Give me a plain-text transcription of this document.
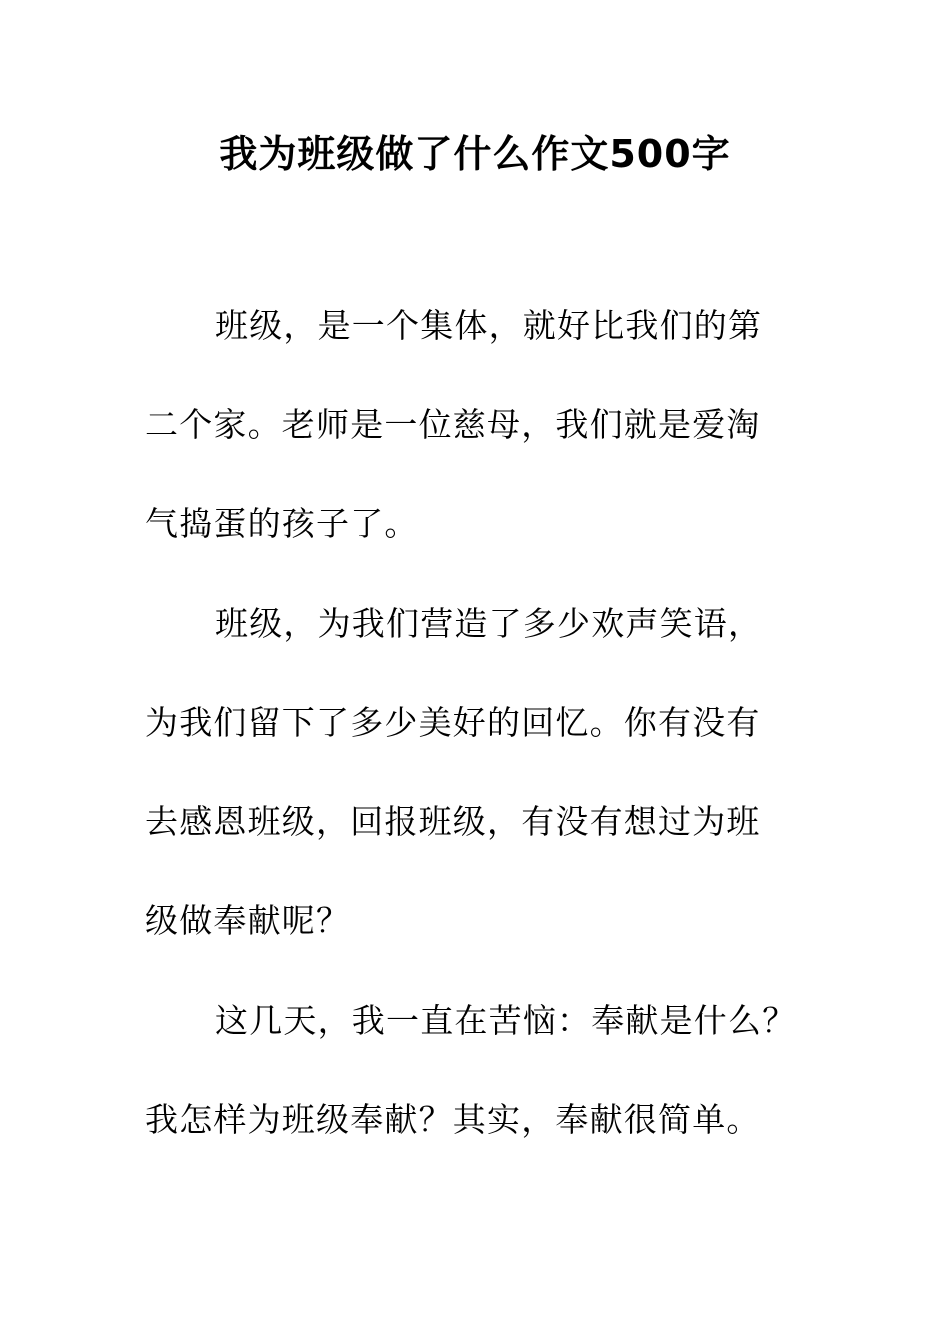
我为班级做了什么作文500字
班级，是一个集体，就好比我们的第
二个家。老师是一位慈母，我们就是爱淘
气捣蛋的孩子了。
班级，为我们营造了多少欢声笑语，
为我们留下了多少美好的回忆。你有没有
去感恩班级，回报班级，有没有想过为班
级做奉献呢？
这几天，我一直在苦恼：奉献是什么？
我怎样为班级奉献？其实，奉献很简单。
